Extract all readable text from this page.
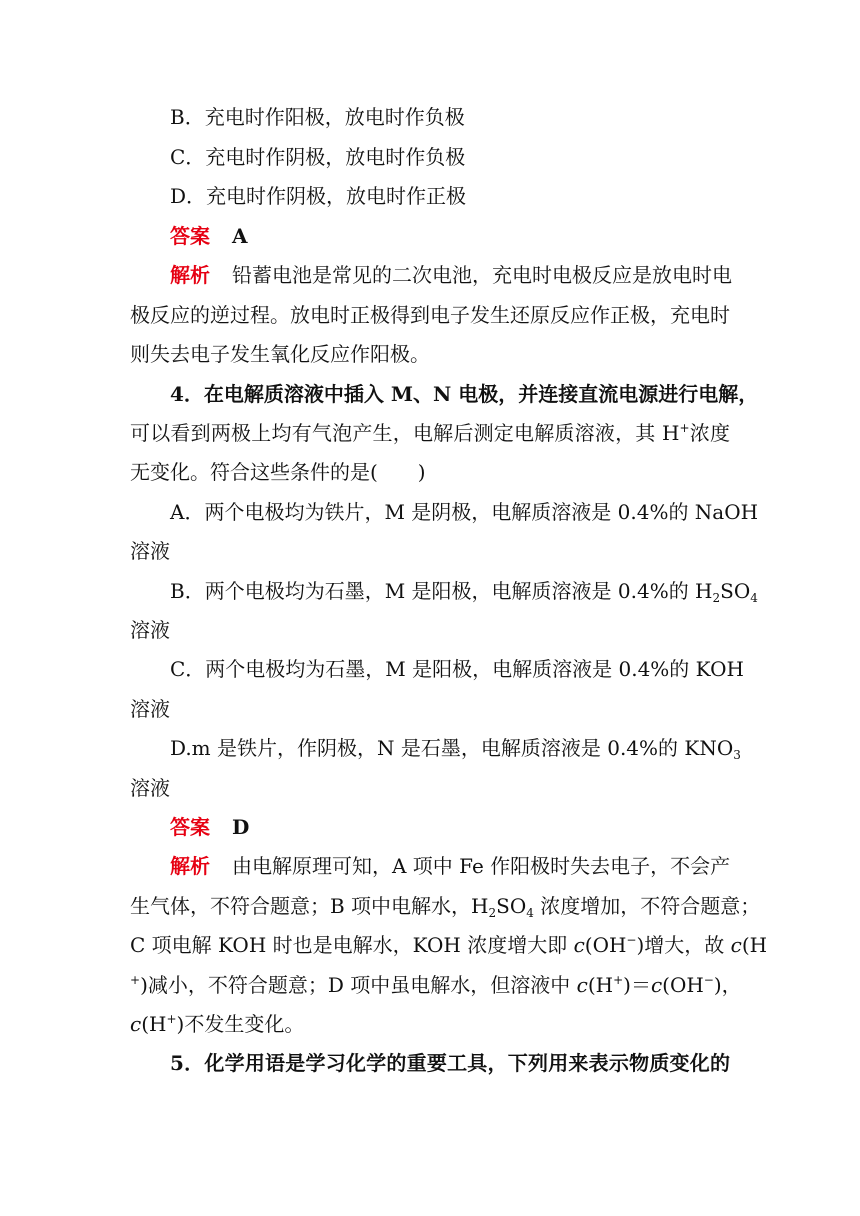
B．充电时作阳极，放电时作负极
C．充电时作阴极，放电时作负极
D．充电时作阴极，放电时作正极
答案 A
解析 铅蓄电池是常见的二次电池，充电时电极反应是放电时电
极反应的逆过程。放电时正极得到电子发生还原反应作正极，充电时
则失去电子发生氧化反应作阳极。
4．在电解质溶液中插入 M、N 电极，并连接直流电源进行电解，
可以看到两极上均有气泡产生，电解后测定电解质溶液，其 H+浓度
无变化。符合这些条件的是(　　)
A．两个电极均为铁片，M 是阴极，电解质溶液是 0.4%的 NaOH
溶液
B．两个电极均为石墨，M 是阳极，电解质溶液是 0.4%的 $H_2SO_4$
溶液
C．两个电极均为石墨，M 是阳极，电解质溶液是 0.4%的 KOH
溶液
D.m 是铁片，作阴极，N 是石墨，电解质溶液是 0.4%的 $KNO_3$
溶液
答案 D
解析 由电解原理可知，A 项中 Fe 作阳极时失去电子，不会产
生气体，不符合题意；B 项中电解水，$H_2SO_4$ 浓度增加，不符合题意；
C 项电解 KOH 时也是电解水，KOH 浓度增大即 c(OH−)增大，故 c(H
+)减小，不符合题意；D 项中虽电解水，但溶液中 c(H+)＝c(OH−)，
c(H+)不发生变化。
5．化学用语是学习化学的重要工具，下列用来表示物质变化的
